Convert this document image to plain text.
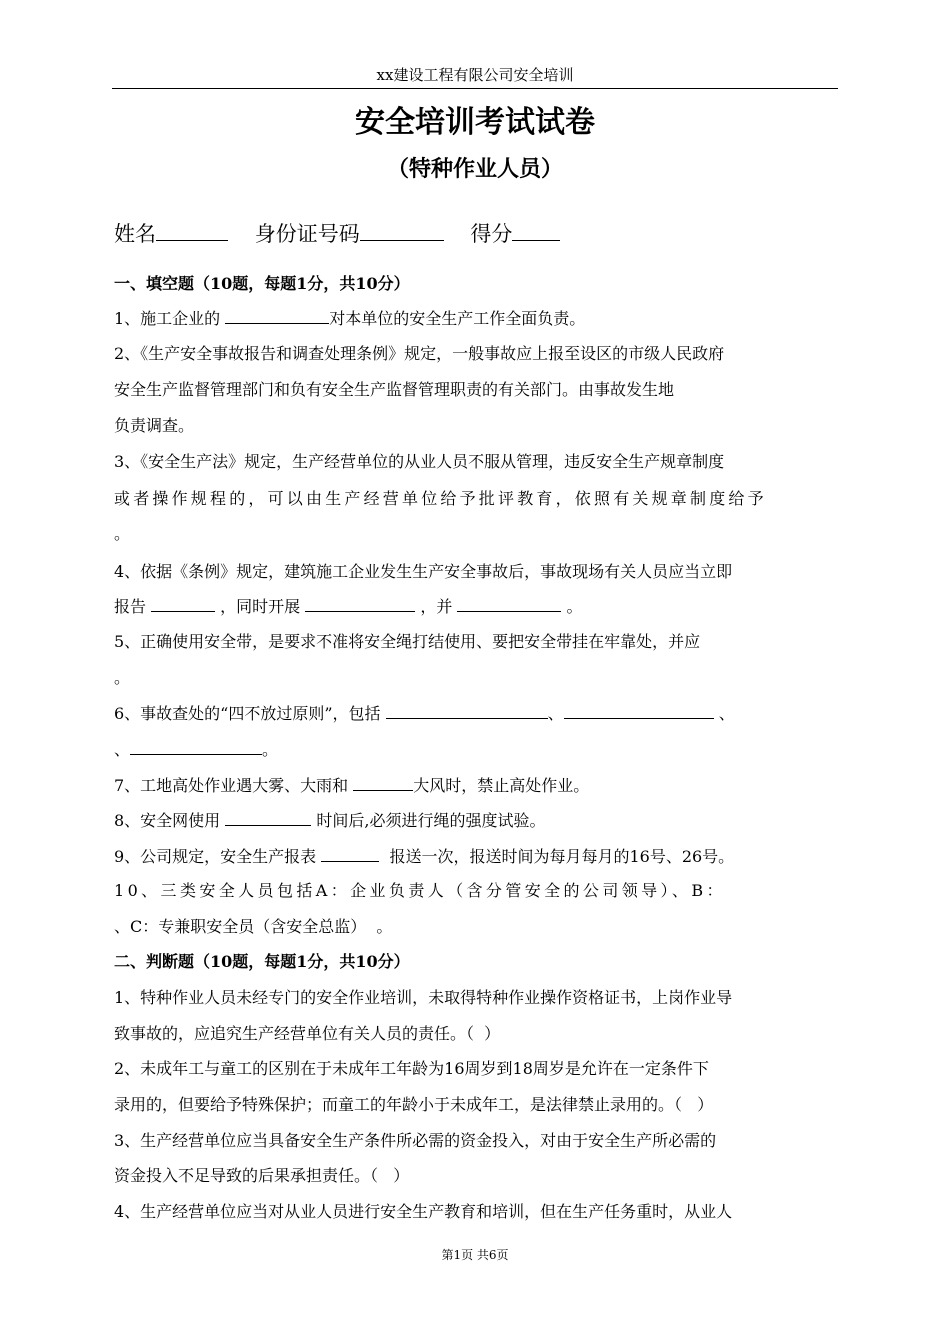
xx建设工程有限公司安全培训
安全培训考试试卷
（特种作业人员）
姓名	身份证号码	得分
一、填空题（10题，每题1分，共10分）
1、施工企业的	对本单位的安全生产工作全面负责。
2、《生产安全事故报告和调查处理条例》规定，一般事故应上报至设区的市级人民政府
安全生产监督管理部门和负有安全生产监督管理职责的有关部门。由事故发生地
负责调查。
3、《安全生产法》规定，生产经营单位的从业人员不服从管理，违反安全生产规章制度
或者操作规程的，可以由生产经营单位给予批评教育，依照有关规章制度给予
。
4、依据《条例》规定，建筑施工企业发生生产安全事故后，事故现场有关人员应当立即
报告	，同时开展	，并	。
5、正确使用安全带，是要求不准将安全绳打结使用、要把安全带挂在牢靠处，并应
。
6、事故查处的“四不放过原则”，包括	、	、
、	。
7、工地高处作业遇大雾、大雨和	大风时，禁止高处作业。
8、安全网使用	时间后,必须进行绳的强度试验。
9、公司规定，安全生产报表	报送一次，报送时间为每月每月的16号、26号。
10、三类安全人员包括A：企业负责人（含分管安全的公司领导）、B：
、C：专兼职安全员（含安全总监）  。
二、判断题（10题，每题1分，共10分）
1、特种作业人员未经专门的安全作业培训，未取得特种作业操作资格证书，上岗作业导
致事故的，应追究生产经营单位有关人员的责任。（  ）
2、未成年工与童工的区别在于未成年工年龄为16周岁到18周岁是允许在一定条件下
录用的，但要给予特殊保护；而童工的年龄小于未成年工，是法律禁止录用的。（   ）
3、生产经营单位应当具备安全生产条件所必需的资金投入，对由于安全生产所必需的
资金投入不足导致的后果承担责任。（   ）
4、生产经营单位应当对从业人员进行安全生产教育和培训，但在生产任务重时，从业人
第1页 共6页
